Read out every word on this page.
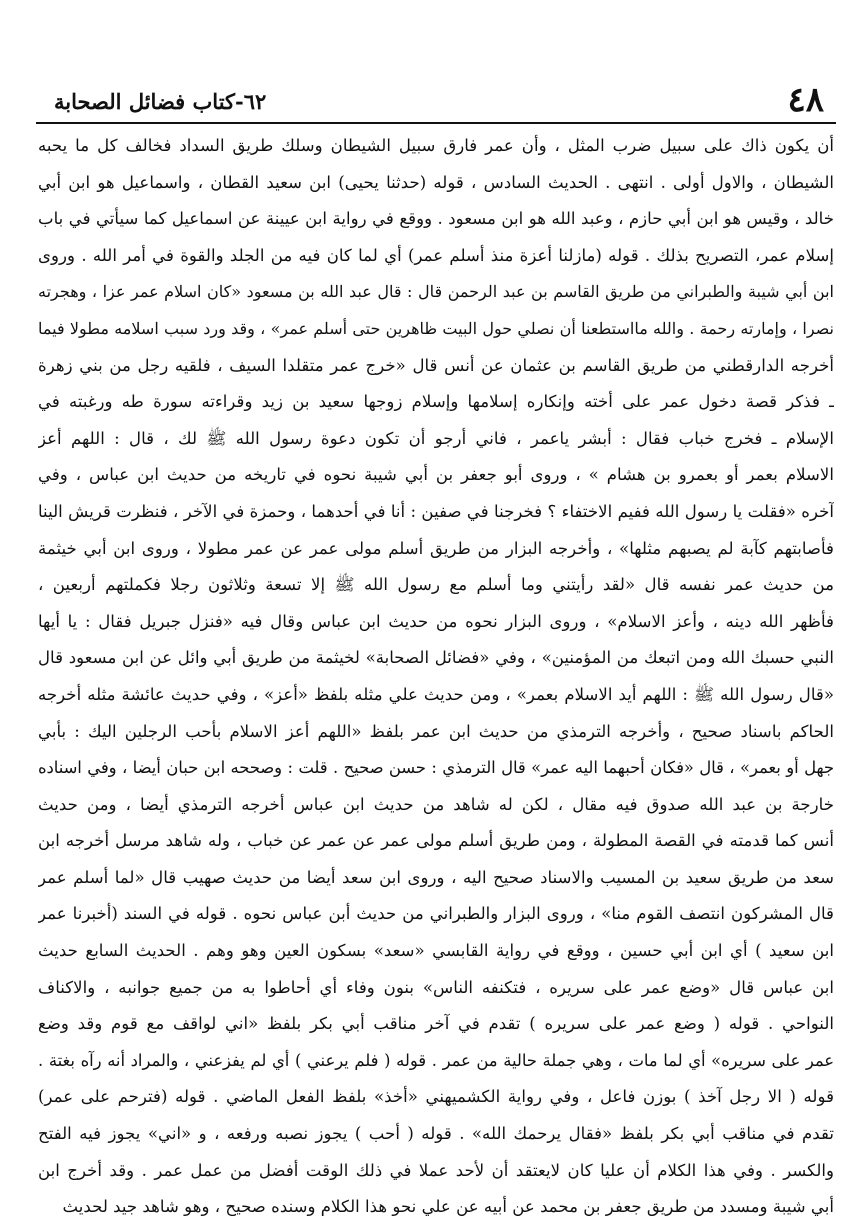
٤٨
٦٢-كتاب فضائل الصحابة
أن يكون ذاك على سبيل ضرب المثل ، وأن عمر فارق سبيل الشيطان وسلك طريق السداد فخالف كل ما يحبه
الشيطان ، والاول أولى . انتهى . الحديث السادس ، قوله (حدثنا يحيى) ابن سعيد القطان ، واسماعيل هو ابن أبي
خالد ، وقيس هو ابن أبي حازم ، وعبد الله هو ابن مسعود . ووقع في رواية ابن عيينة عن اسماعيل كما سيأتي في باب
إسلام عمر، التصريح بذلك . قوله (مازلنا أعزة منذ أسلم عمر) أي لما كان فيه من الجلد والقوة في أمر الله . وروى
ابن أبي شيبة والطبراني من طريق القاسم بن عبد الرحمن قال : قال عبد الله بن مسعود «كان اسلام عمر عزا ، وهجرته
نصرا ، وإمارته رحمة . والله مااستطعنا أن نصلي حول البيت ظاهرين حتى أسلم عمر» ، وقد ورد سبب اسلامه مطولا فيما
أخرجه الدارقطني من طريق القاسم بن عثمان عن أنس قال «خرج عمر متقلدا السيف ، فلقيه رجل من بني زهرة
ـ فذكر قصة دخول عمر على أخته وإنكاره إسلامها وإسلام زوجها سعيد بن زيد وقراءته سورة طه ورغبته في
الإسلام ـ فخرج خباب فقال : أبشر ياعمر ، فاني أرجو أن تكون دعوة رسول الله ﷺ لك ، قال : اللهم أعز
الاسلام بعمر أو بعمرو بن هشام » ، وروى أبو جعفر بن أبي شيبة نحوه في تاريخه من حديث ابن عباس ، وفي
آخره «فقلت يا رسول الله ففيم الاختفاء ؟ فخرجنا في صفين : أنا في أحدهما ، وحمزة في الآخر ، فنظرت قريش الينا
فأصابتهم كآبة لم يصبهم مثلها» ، وأخرجه البزار من طريق أسلم مولى عمر عن عمر مطولا ، وروى ابن أبي خيثمة
من حديث عمر نفسه قال «لقد رأيتني وما أسلم مع رسول الله ﷺ إلا تسعة وثلاثون رجلا فكملتهم أربعين ،
فأظهر الله دينه ، وأعز الاسلام» ، وروى البزار نحوه من حديث ابن عباس وقال فيه «فنزل جبريل فقال : يا أيها
النبي حسبك الله ومن اتبعك من المؤمنين» ، وفي «فضائل الصحابة» لخيثمة من طريق أبي وائل عن ابن مسعود قال
«قال رسول الله ﷺ : اللهم أيد الاسلام بعمر» ، ومن حديث علي مثله بلفظ «أعز» ، وفي حديث عائشة مثله أخرجه
الحاكم باسناد صحيح ، وأخرجه الترمذي من حديث ابن عمر بلفظ «اللهم أعز الاسلام بأحب الرجلين اليك : بأبي
جهل أو بعمر» ، قال «فكان أحبهما اليه عمر» قال الترمذي : حسن صحيح . قلت : وصححه ابن حبان أيضا ، وفي اسناده
خارجة بن عبد الله صدوق فيه مقال ، لكن له شاهد من حديث ابن عباس أخرجه الترمذي أيضا ، ومن حديث
أنس كما قدمته في القصة المطولة ، ومن طريق أسلم مولى عمر عن عمر عن خباب ، وله شاهد مرسل أخرجه ابن
سعد من طريق سعيد بن المسيب والاسناد صحيح اليه ، وروى ابن سعد أيضا من حديث صهيب قال «لما أسلم عمر
قال المشركون انتصف القوم منا» ، وروى البزار والطبراني من حديث أبن عباس نحوه . قوله في السند (أخبرنا عمر
ابن سعيد ) أي ابن أبي حسين ، ووقع في رواية القابسي «سعد» بسكون العين وهو وهم . الحديث السابع حديث
ابن عباس قال «وضع عمر على سريره ، فتكنفه الناس» بنون وفاء أي أحاطوا به من جميع جوانبه ، والاكناف
النواحي . قوله ( وضع عمر على سريره ) تقدم في آخر مناقب أبي بكر بلفظ «اني لواقف مع قوم وقد وضع
عمر على سريره» أي لما مات ، وهي جملة حالية من عمر . قوله ( فلم يرعني ) أي لم يفزعني ، والمراد أنه رآه بغتة .
قوله ( الا رجل آخذ ) بوزن فاعل ، وفي رواية الكشميهني «أخذ» بلفظ الفعل الماضي . قوله (فترحم على عمر)
تقدم في مناقب أبي بكر بلفظ «فقال يرحمك الله» . قوله ( أحب ) يجوز نصبه ورفعه ، و «اني» يجوز فيه الفتح
والكسر . وفي هذا الكلام أن عليا كان لايعتقد أن لأحد عملا في ذلك الوقت أفضل من عمل عمر . وقد أخرج ابن
أبي شيبة ومسدد من طريق جعفر بن محمد عن أبيه عن علي نحو هذا الكلام وسنده صحيح ، وهو شاهد جيد لحديث
